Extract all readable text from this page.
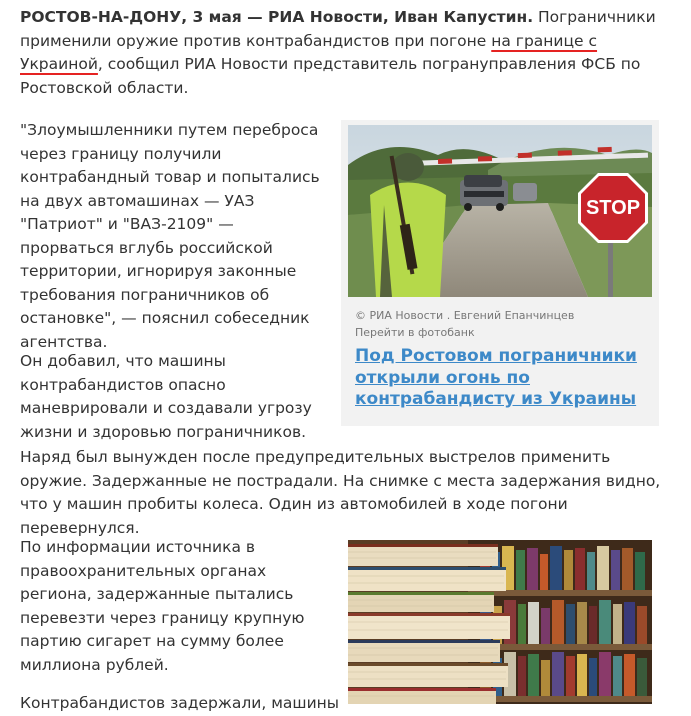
РОСТОВ-НА-ДОНУ, 3 мая — РИА Новости, Иван Капустин. Пограничники применили оружие против контрабандистов при погоне на границе с Украиной, сообщил РИА Новости представитель погрануправления ФСБ по Ростовской области.

"Злоумышленники путем переброса через границу получили контрабандный товар и попытались на двух автомашинах — УАЗ "Патриот" и "ВАЗ-2109" — прорваться вглубь российской территории, игнорируя законные требования пограничников об остановке", — пояснил собеседник агентства.

Он добавил, что машины контрабандистов опасно маневрировали и создавали угрозу жизни и здоровью пограничников.

Наряд был вынужден после предупредительных выстрелов применить оружие. Задержанные не пострадали. На снимке с места задержания видно, что у машин пробиты колеса. Один из автомобилей в ходе погони перевернулся.

По информации источника в правоохранительных органах региона, задержанные пытались перевезти через границу крупную партию сигарет на сумму более миллиона рублей.

Контрабандистов задержали, машины

STOP
© РИА Новости . Евгений Епанчинцев
Перейти в фотобанк
Под Ростовом пограничники открыли огонь по контрабандисту из Украины
